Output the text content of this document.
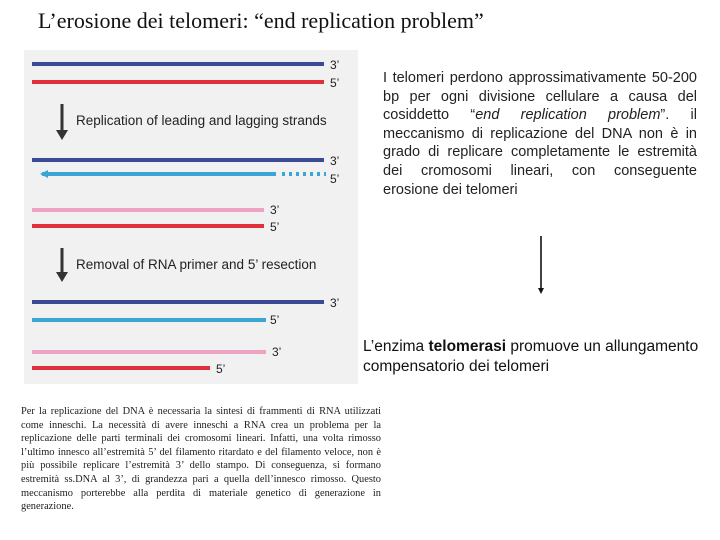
L’erosione dei telomeri: “end replication problem”
3’
5’
Replication of leading and lagging strands
3’
5’
3’
5’
Removal of RNA primer and 5’ resection
3’
5’
3’
5’
I telomeri perdono approssimativamente 50-200 bp per ogni divisione cellulare a causa del cosiddetto “end replication problem”. il meccanismo di replicazione del DNA non è in grado di replicare completamente le estremità dei cromosomi lineari, con conseguente erosione dei telomeri
L’enzima telomerasi promuove un allungamento compensatorio dei telomeri
Per la replicazione del DNA è necessaria la sintesi di frammenti di RNA utilizzati come inneschi. La necessità di avere inneschi a RNA crea un problema per la replicazione delle parti terminali dei cromosomi lineari. Infatti, una volta rimosso l’ultimo innesco all’estremità 5’ del filamento ritardato e del filamento veloce, non è più possibile replicare l’estremità 3’ dello stampo. Di conseguenza, si formano estremità ss.DNA al 3’, di grandezza pari a quella dell’innesco rimosso. Questo meccanismo porterebbe alla perdita di materiale genetico di generazione in generazione.
